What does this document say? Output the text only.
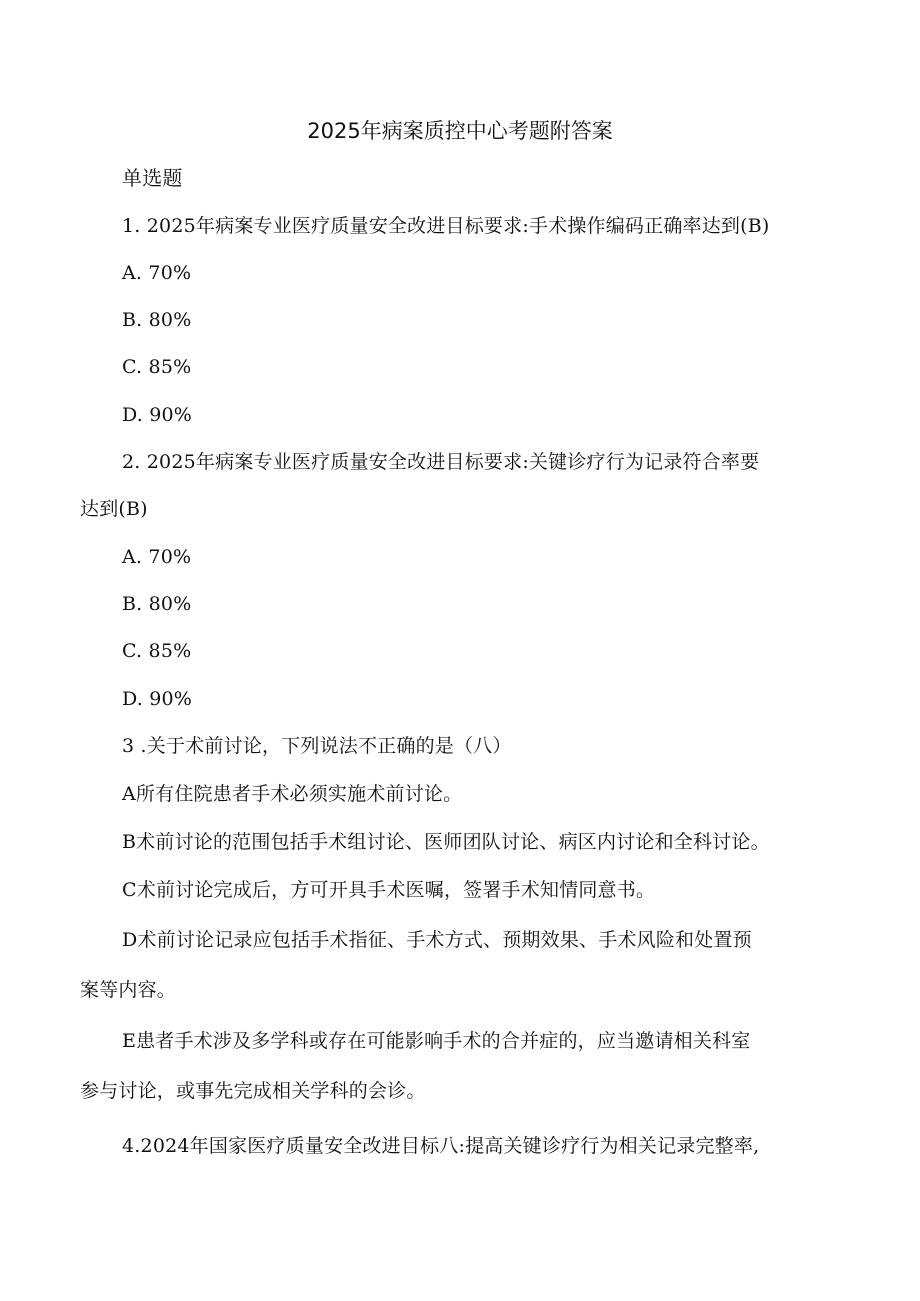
2025年病案质控中心考题附答案
单选题
1. 2025年病案专业医疗质量安全改进目标要求:手术操作编码正确率达到(B)
A. 70%
B. 80%
C. 85%
D. 90%
2. 2025年病案专业医疗质量安全改进目标要求:关键诊疗行为记录符合率要
达到(B)
A. 70%
B. 80%
C. 85%
D. 90%
3 .关于术前讨论，下列说法不正确的是（八）
A所有住院患者手术必须实施术前讨论。
B术前讨论的范围包括手术组讨论、医师团队讨论、病区内讨论和全科讨论。
C术前讨论完成后，方可开具手术医嘱，签署手术知情同意书。
D术前讨论记录应包括手术指征、手术方式、预期效果、手术风险和处置预
案等内容。
E患者手术涉及多学科或存在可能影响手术的合并症的，应当邀请相关科室
参与讨论，或事先完成相关学科的会诊。
4.2024年国家医疗质量安全改进目标八:提高关键诊疗行为相关记录完整率,
